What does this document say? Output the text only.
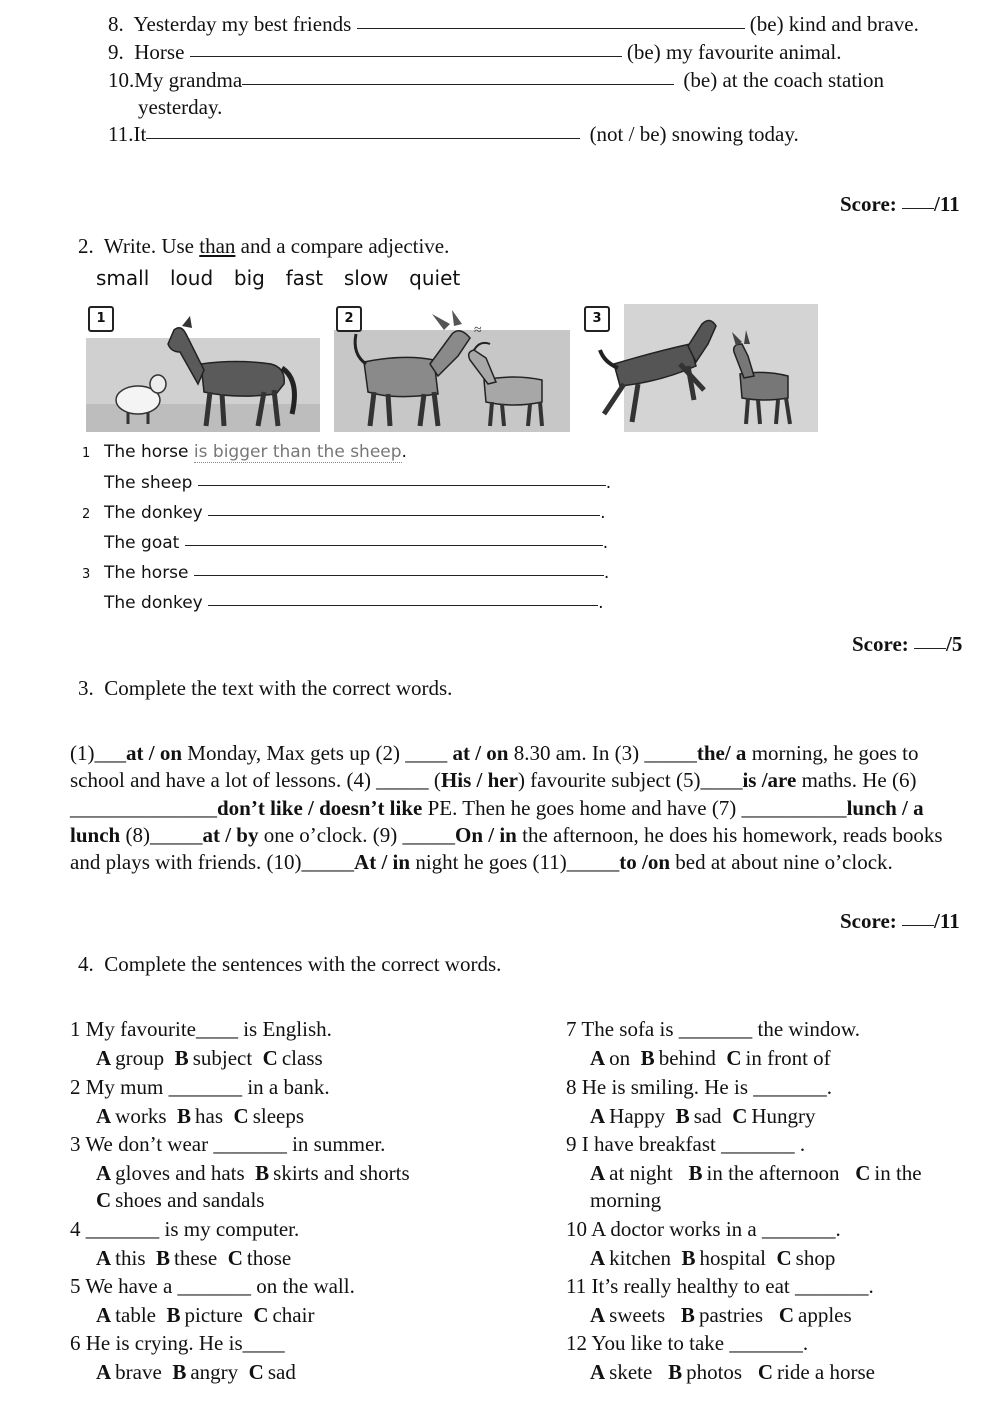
8. Yesterday my best friends	(be) kind and brave.
9. Horse	(be) my favourite animal.
10.My grandma	(be) at the coach station
yesterday.
11.It	(not / be) snowing today.
Score: /11
2. Write. Use than and a compare adjective.
small loud big fast slow quiet
1
≈
2	3
1 The horse is bigger than the sheep.
The sheep	.
2 The donkey	.
The goat	.
3 The horse	.
The donkey	.
Score: /5
3. Complete the text with the correct words.
(1)___at / on Monday, Max gets up (2) ____ at / on 8.30 am. In (3) _____the/ a morning, he goes to school and have a lot of lessons. (4) _____ (His / her) favourite subject (5)____is /are maths. He (6) ______________don’t like / doesn’t like PE. Then he goes home and have (7) __________lunch / a lunch (8)_____at / by one o’clock. (9) _____On / in the afternoon, he does his homework, reads books and plays with friends. (10)_____At / in night he goes (11)_____to /on bed at about nine o’clock.
Score: /11
4. Complete the sentences with the correct words.
1 My favourite____ is English.
A group B subject C class
2 My mum _______ in a bank.
A works B has C sleeps
3 We don’t wear _______ in summer.
A gloves and hats B skirts and shorts
C shoes and sandals
4 _______ is my computer.
A this B these C those
5 We have a _______ on the wall.
A table B picture C chair
6 He is crying. He is____
A brave B angry C sad
7 The sofa is _______ the window.
A on B behind C in front of
8 He is smiling. He is _______.
A Happy B sad C Hungry
9 I have breakfast _______ .
A at night B in the afternoon C in the
morning
10 A doctor works in a _______.
A kitchen B hospital C shop
11 It’s really healthy to eat _______.
A sweets B pastries C apples
12 You like to take _______.
A skete B photos C ride a horse
